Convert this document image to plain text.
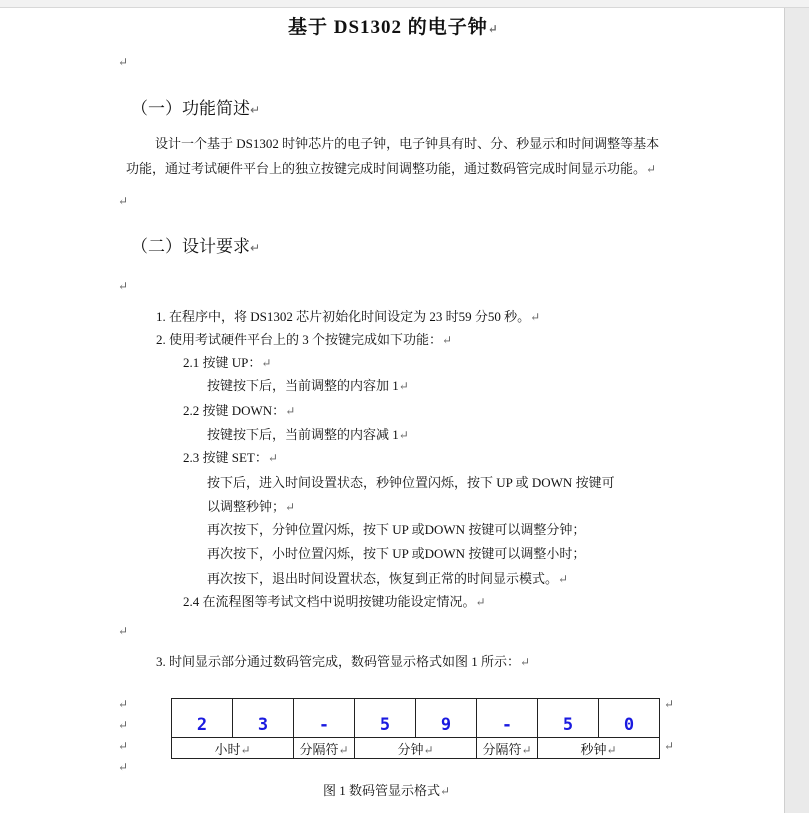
基于 DS1302 的电子钟↵
↵
（一）功能简述↵
设计一个基于 DS1302 时钟芯片的电子钟，电子钟具有时、分、秒显示和时间调整等基本
功能，通过考试硬件平台上的独立按键完成时间调整功能，通过数码管完成时间显示功能。↵
↵
（二）设计要求↵
↵
1. 在程序中，将 DS1302 芯片初始化时间设定为 23 时59 分50 秒。↵
2. 使用考试硬件平台上的 3 个按键完成如下功能：↵
2.1 按键 UP：↵
按键按下后，当前调整的内容加 1↵
2.2 按键 DOWN：↵
按键按下后，当前调整的内容减 1↵
2.3 按键 SET：↵
按下后，进入时间设置状态，秒钟位置闪烁，按下 UP 或 DOWN 按键可
以调整秒钟；↵
再次按下，分钟位置闪烁，按下 UP 或DOWN 按键可以调整分钟；
再次按下，小时位置闪烁，按下 UP 或DOWN 按键可以调整小时；
再次按下，退出时间设置状态，恢复到正常的时间显示模式。↵
2.4 在流程图等考试文档中说明按键功能设定情况。↵
↵
3. 时间显示部分通过数码管完成，数码管显示格式如图 1 所示：↵
↵
↵
↵
↵
2	3	-	5	9	-	5	0
小时↵		分隔符↵	分钟↵		分隔符↵	秒钟↵	
↵
↵
图 1 数码管显示格式↵
